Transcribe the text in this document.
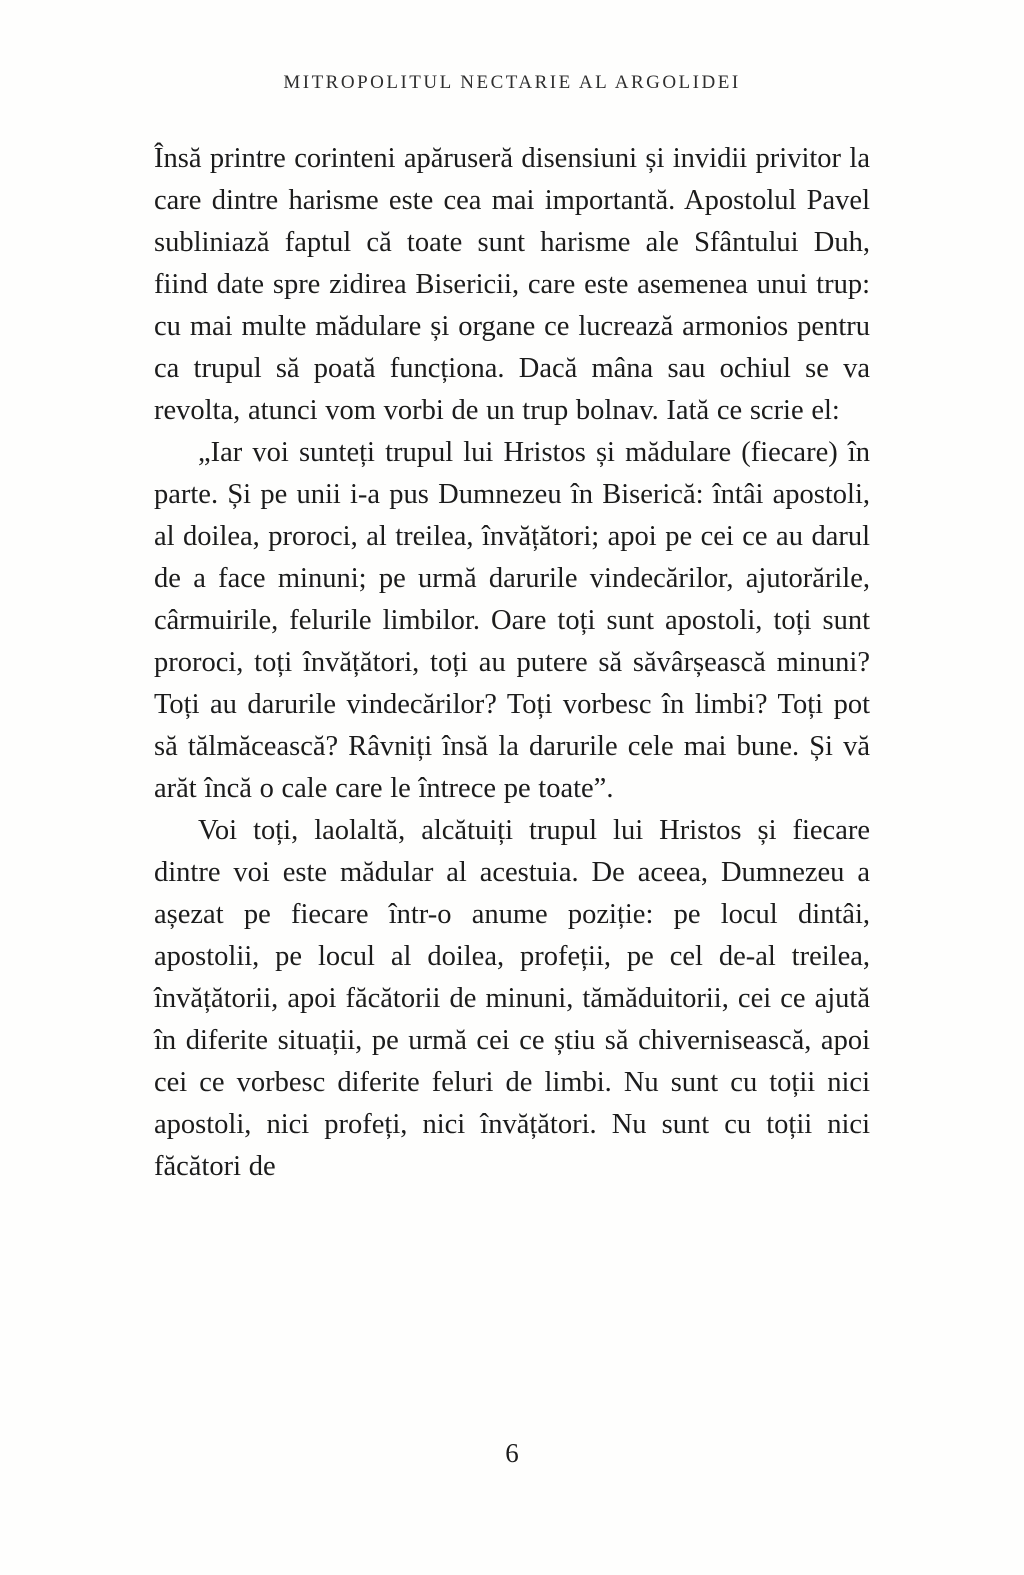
MITROPOLITUL NECTARIE AL ARGOLIDEI

Însă printre corinteni apăruseră disensiuni și invidii privitor la care dintre harisme este cea mai importantă. Apostolul Pavel subliniază faptul că toate sunt harisme ale Sfântului Duh, fiind date spre zidirea Bisericii, care este asemenea unui trup: cu mai multe mădulare și organe ce lucrează armonios pentru ca trupul să poată funcționa. Dacă mâna sau ochiul se va revolta, atunci vom vorbi de un trup bolnav. Iată ce scrie el:

„Iar voi sunteți trupul lui Hristos și mădulare (fiecare) în parte. Și pe unii i-a pus Dumnezeu în Biserică: întâi apostoli, al doilea, proroci, al treilea, învățători; apoi pe cei ce au darul de a face minuni; pe urmă darurile vindecărilor, ajutorările, cârmuirile, felurile limbilor. Oare toți sunt apostoli, toți sunt proroci, toți învățători, toți au putere să săvârșească minuni? Toți au darurile vindecărilor? Toți vorbesc în limbi? Toți pot să tălmăcească? Râvniți însă la darurile cele mai bune. Și vă arăt încă o cale care le întrece pe toate”.

Voi toți, laolaltă, alcătuiți trupul lui Hristos și fiecare dintre voi este mădular al acestuia. De aceea, Dumnezeu a așezat pe fiecare într-o anume poziție: pe locul dintâi, apostolii, pe locul al doilea, profeții, pe cel de-al treilea, învățătorii, apoi făcătorii de minuni, tămăduitorii, cei ce ajută în diferite situații, pe urmă cei ce știu să chivernisească, apoi cei ce vorbesc diferite feluri de limbi. Nu sunt cu toții nici apostoli, nici profeți, nici învățători. Nu sunt cu toții nici făcători de

6
